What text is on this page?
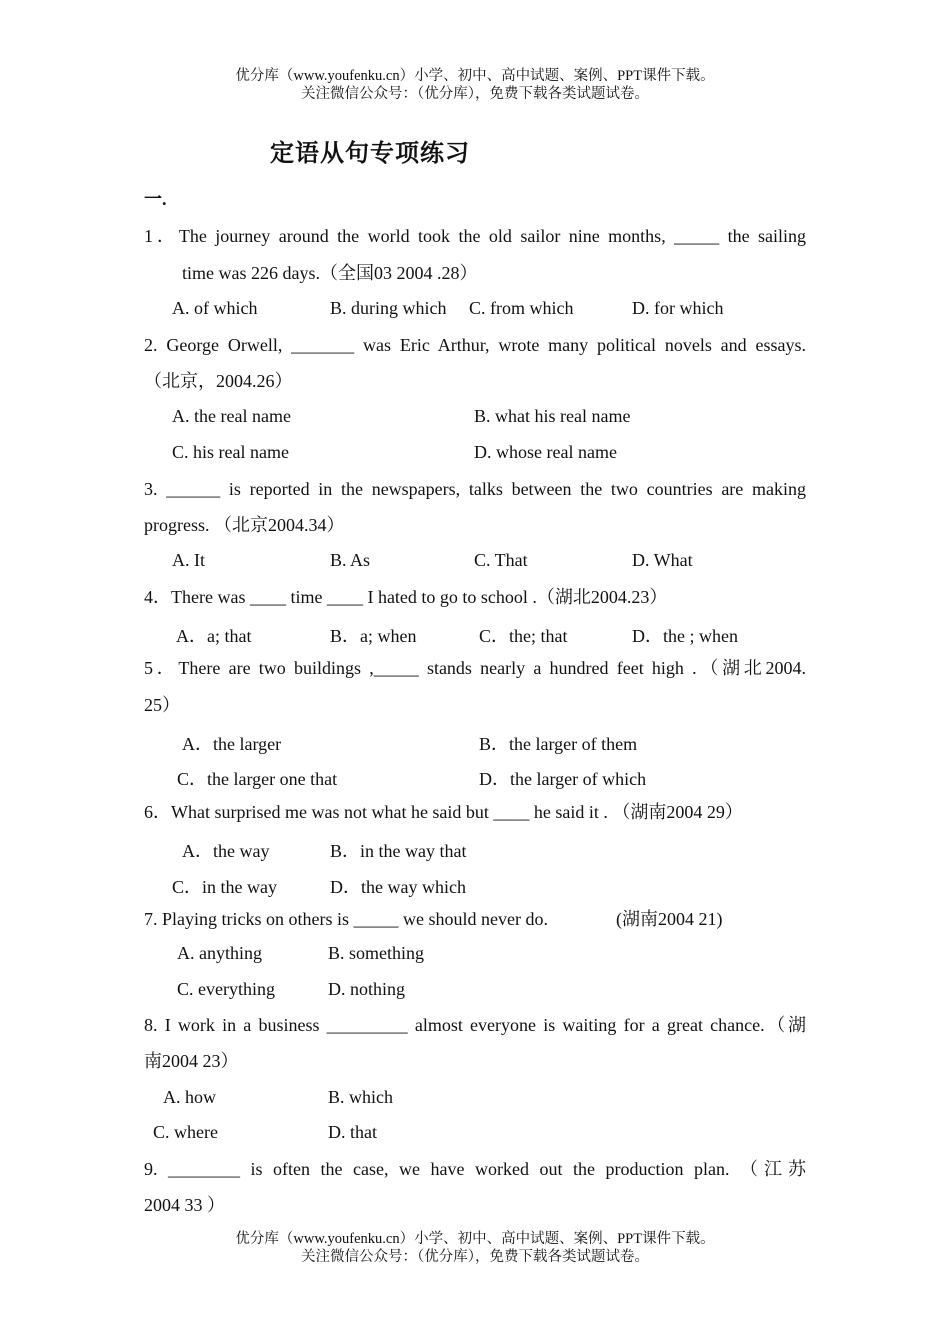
优分库（www.youfenku.cn）小学、初中、高中试题、案例、PPT课件下载。
关注微信公众号：（优分库），免费下载各类试题试卷。
定语从句专项练习
一.
1．The journey around the world took the old sailor nine months, _____ the sailing
time was 226 days.（全国03 2004 .28）
A. of which	B. during which C. from which	D. for which
2. George Orwell, _______ was Eric Arthur, wrote many political novels and essays.
（北京，2004.26）
A. the real name	B. what his real name
C. his real name	D. whose real name
3. ______ is reported in the newspapers, talks between the two countries are making
progress. （北京2004.34）
A. It	B. As	C. That	D. What
4．There was ____ time ____ I hated to go to school .（湖北2004.23）
A．a; that	B．a; when	C．the; that	D．the ; when
5．There are two buildings ,_____ stands nearly a hundred feet high .（湖北2004.
25）
A．the larger	B．the larger of them
C．the larger one that	D．the larger of which
6．What surprised me was not what he said but ____ he said it . （湖南2004 29）
A．the way	B．in the way that
C．in the way	D．the way which
7. Playing tricks on others is _____ we should never do.	(湖南2004 21)
A. anything	B. something
C. everything	D. nothing
8. I work in a business _________ almost everyone is waiting for a great chance.（湖
南2004 23）
A. how	B. which
C. where	D. that
9. ________ is often the case, we have worked out the production plan. （江苏
2004 33 ）
优分库（www.youfenku.cn）小学、初中、高中试题、案例、PPT课件下载。
关注微信公众号：（优分库），免费下载各类试题试卷。
